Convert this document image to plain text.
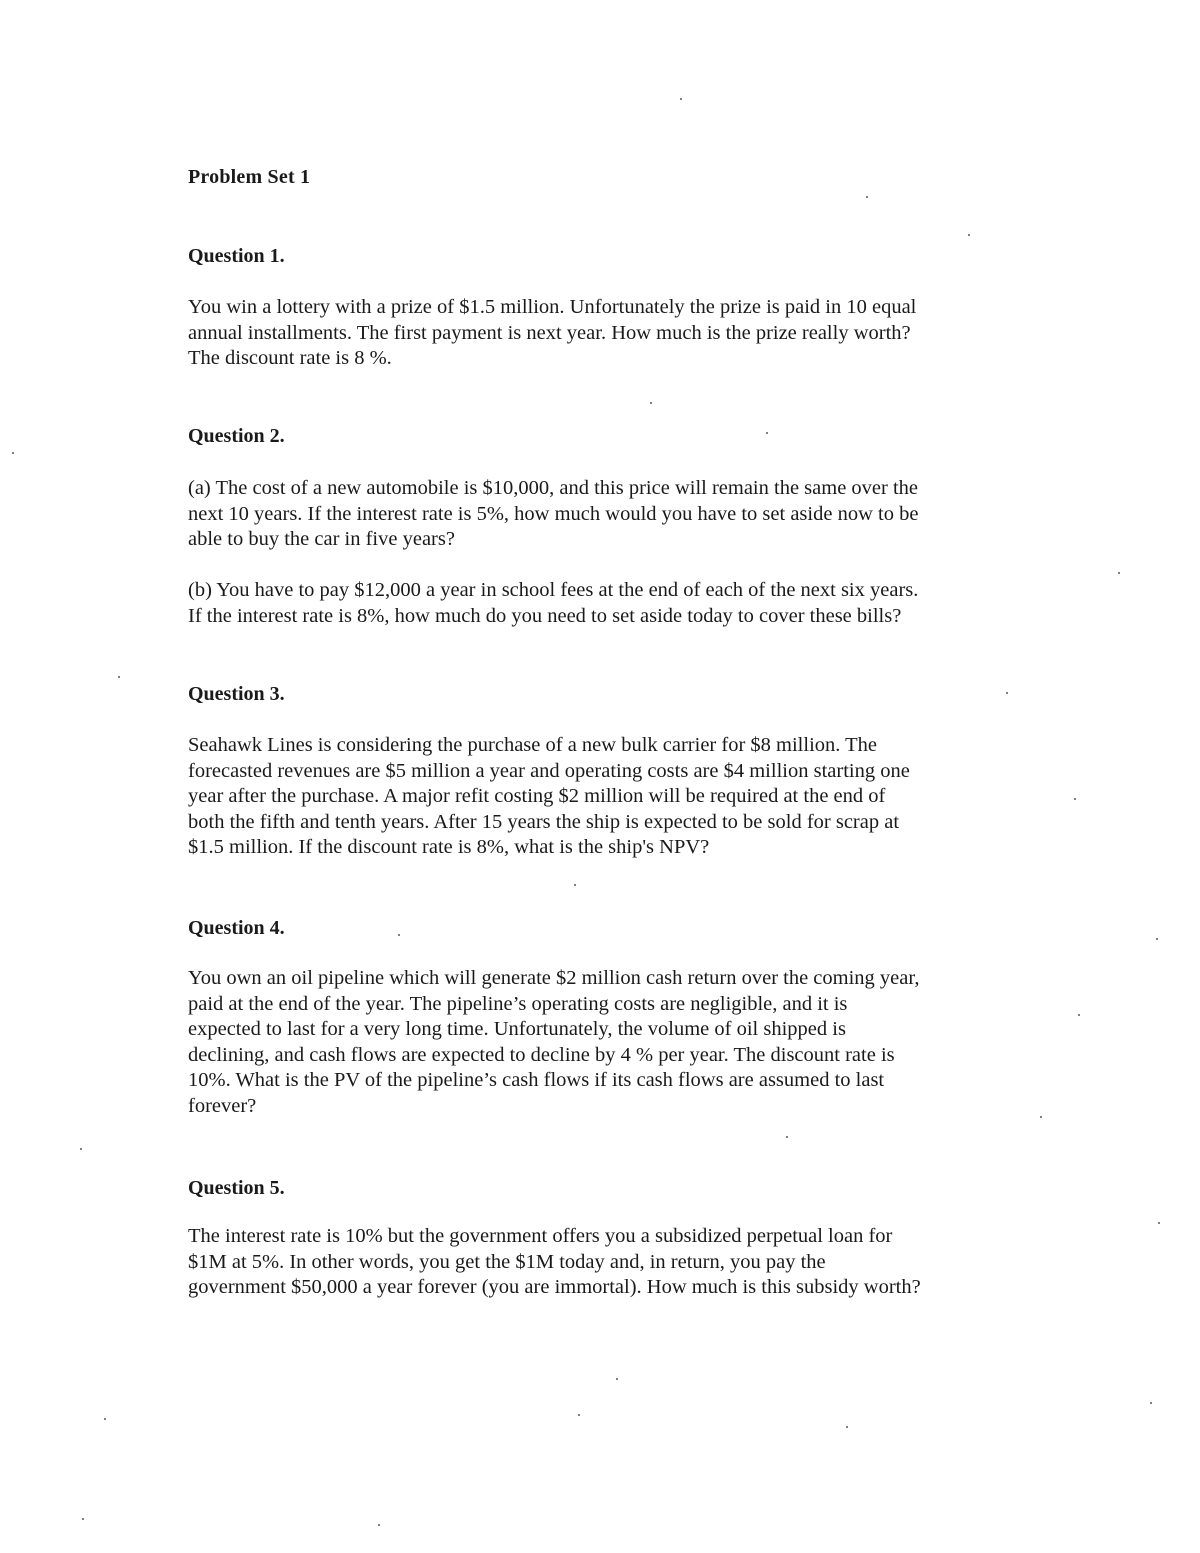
Problem Set 1
Question 1.

You win a lottery with a prize of $1.5 million. Unfortunately the prize is paid in 10 equal
annual installments. The first payment is next year. How much is the prize really worth?
The discount rate is 8 %.

Question 2.

(a) The cost of a new automobile is $10,000, and this price will remain the same over the
next 10 years. If the interest rate is 5%, how much would you have to set aside now to be
able to buy the car in five years?

(b) You have to pay $12,000 a year in school fees at the end of each of the next six years.
If the interest rate is 8%, how much do you need to set aside today to cover these bills?

Question 3.

Seahawk Lines is considering the purchase of a new bulk carrier for $8 million. The
forecasted revenues are $5 million a year and operating costs are $4 million starting one
year after the purchase. A major refit costing $2 million will be required at the end of
both the fifth and tenth years. After 15 years the ship is expected to be sold for scrap at
$1.5 million. If the discount rate is 8%, what is the ship's NPV?

Question 4.

You own an oil pipeline which will generate $2 million cash return over the coming year,
paid at the end of the year. The pipeline’s operating costs are negligible, and it is
expected to last for a very long time. Unfortunately, the volume of oil shipped is
declining, and cash flows are expected to decline by 4 % per year. The discount rate is
10%. What is the PV of the pipeline’s cash flows if its cash flows are assumed to last
forever?

Question 5.

The interest rate is 10% but the government offers you a subsidized perpetual loan for
$1M at 5%. In other words, you get the $1M today and, in return, you pay the
government $50,000 a year forever (you are immortal). How much is this subsidy worth?
